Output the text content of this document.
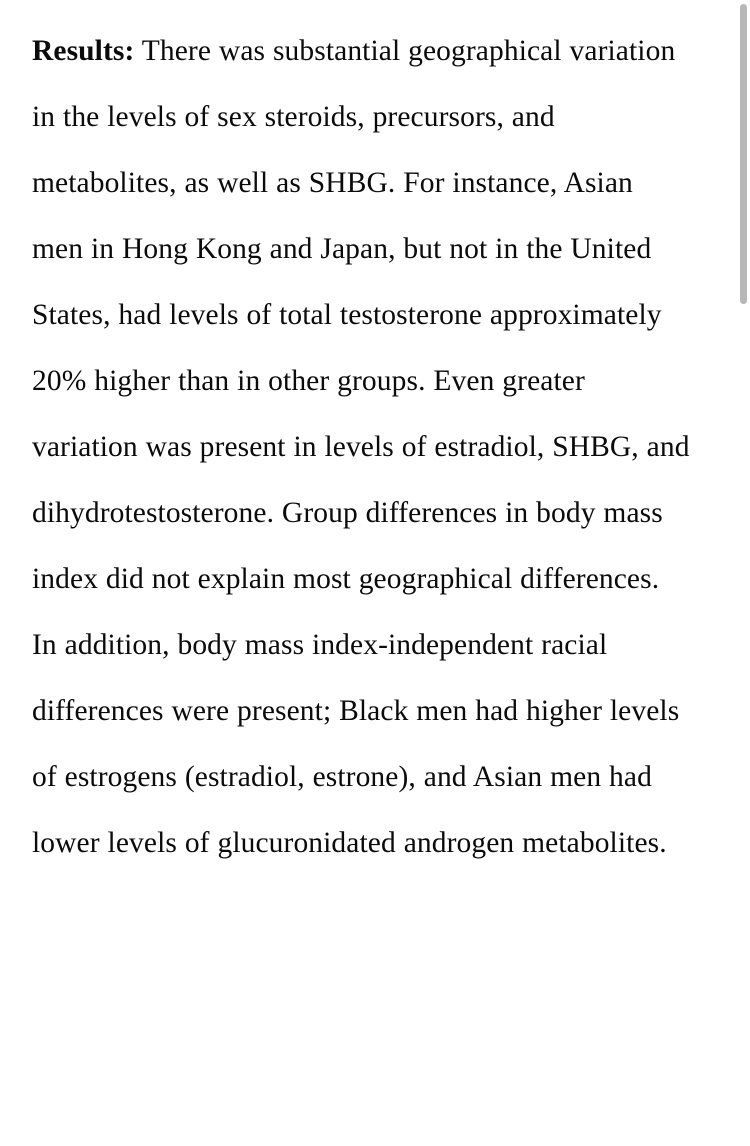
Results: There was substantial geographical variation in the levels of sex steroids, precursors, and metabolites, as well as SHBG. For instance, Asian men in Hong Kong and Japan, but not in the United States, had levels of total testosterone approximately 20% higher than in other groups. Even greater variation was present in levels of estradiol, SHBG, and dihydrotestosterone. Group differences in body mass index did not explain most geographical differences. In addition, body mass index-independent racial differences were present; Black men had higher levels of estrogens (estradiol, estrone), and Asian men had lower levels of glucuronidated androgen metabolites.
